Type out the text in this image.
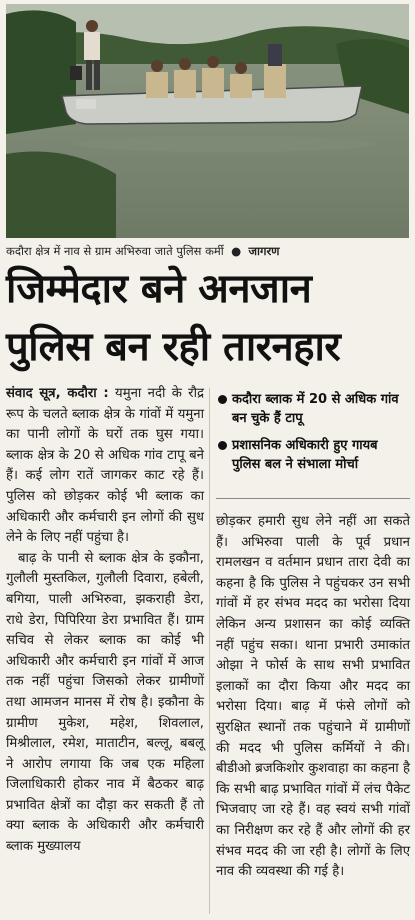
कदौरा क्षेत्र में नाव से ग्राम अभिरुवा जाते पुलिस कर्मी  ●  जागरण
जिम्मेदार बने अनजान
पुलिस बन रही तारनहार

संवाद सूत्र, कदौरा : यमुना नदी के रौद्र रूप के चलते ब्लाक क्षेत्र के गांवों में यमुना का पानी लोगों के घरों तक घुस गया। ब्लाक क्षेत्र के 20 से अधिक गांव टापू बने हैं। कई लोग रातें जागकर काट रहे हैं। पुलिस को छोड़कर कोई भी ब्लाक का अधिकारी और कर्मचारी इन लोगों की सुध लेने के लिए नहीं पहुंचा है।

बाढ़ के पानी से ब्लाक क्षेत्र के इकौना, गुलौली मुस्तकिल, गुलौली दिवारा, हबेली, बगिया, पाली अभिरुवा, झकराही डेरा, राधे डेरा, पिपिरिया डेरा प्रभावित हैं। ग्राम सचिव से लेकर ब्लाक का कोई भी अधिकारी और कर्मचारी इन गांवों में आज तक नहीं पहुंचा जिसको लेकर ग्रामीणों तथा आमजन मानस में रोष है। इकौना के ग्रामीण मुकेश, महेश, शिवलाल, मिश्रीलाल, रमेश, माताटीन, बल्लू, बबलू ने आरोप लगाया कि जब एक महिला जिलाधिकारी होकर नाव में बैठकर बाढ़ प्रभावित क्षेत्रों का दौड़ा कर सकती हैं तो क्या ब्लाक के अधिकारी और कर्मचारी ब्लाक मुख्यालय

कदौरा ब्लाक में 20 से अधिक गांव बन चुके हैं टापू
प्रशासनिक अधिकारी हुए गायब पुलिस बल ने संभाला मोर्चा

छोड़कर हमारी सुध लेने नहीं आ सकते हैं। अभिरुवा पाली के पूर्व प्रधान रामलखन व वर्तमान प्रधान तारा देवी का कहना है कि पुलिस ने पहुंचकर उन सभी गांवों में हर संभव मदद का भरोसा दिया लेकिन अन्य प्रशासन का कोई व्यक्ति नहीं पहुंच सका। थाना प्रभारी उमाकांत ओझा ने फोर्स के साथ सभी प्रभावित इलाकों का दौरा किया और मदद का भरोसा दिया। बाढ़ में फंसे लोगों को सुरक्षित स्थानों तक पहुंचाने में ग्रामीणों की मदद भी पुलिस कर्मियों ने की। बीडीओ ब्रजकिशोर कुशवाहा का कहना है कि सभी बाढ़ प्रभावित गांवों में लंच पैकेट भिजवाए जा रहे हैं। वह स्वयं सभी गांवों का निरीक्षण कर रहे हैं और लोगों की हर संभव मदद की जा रही है। लोगों के लिए नाव की व्यवस्था की गई है।
